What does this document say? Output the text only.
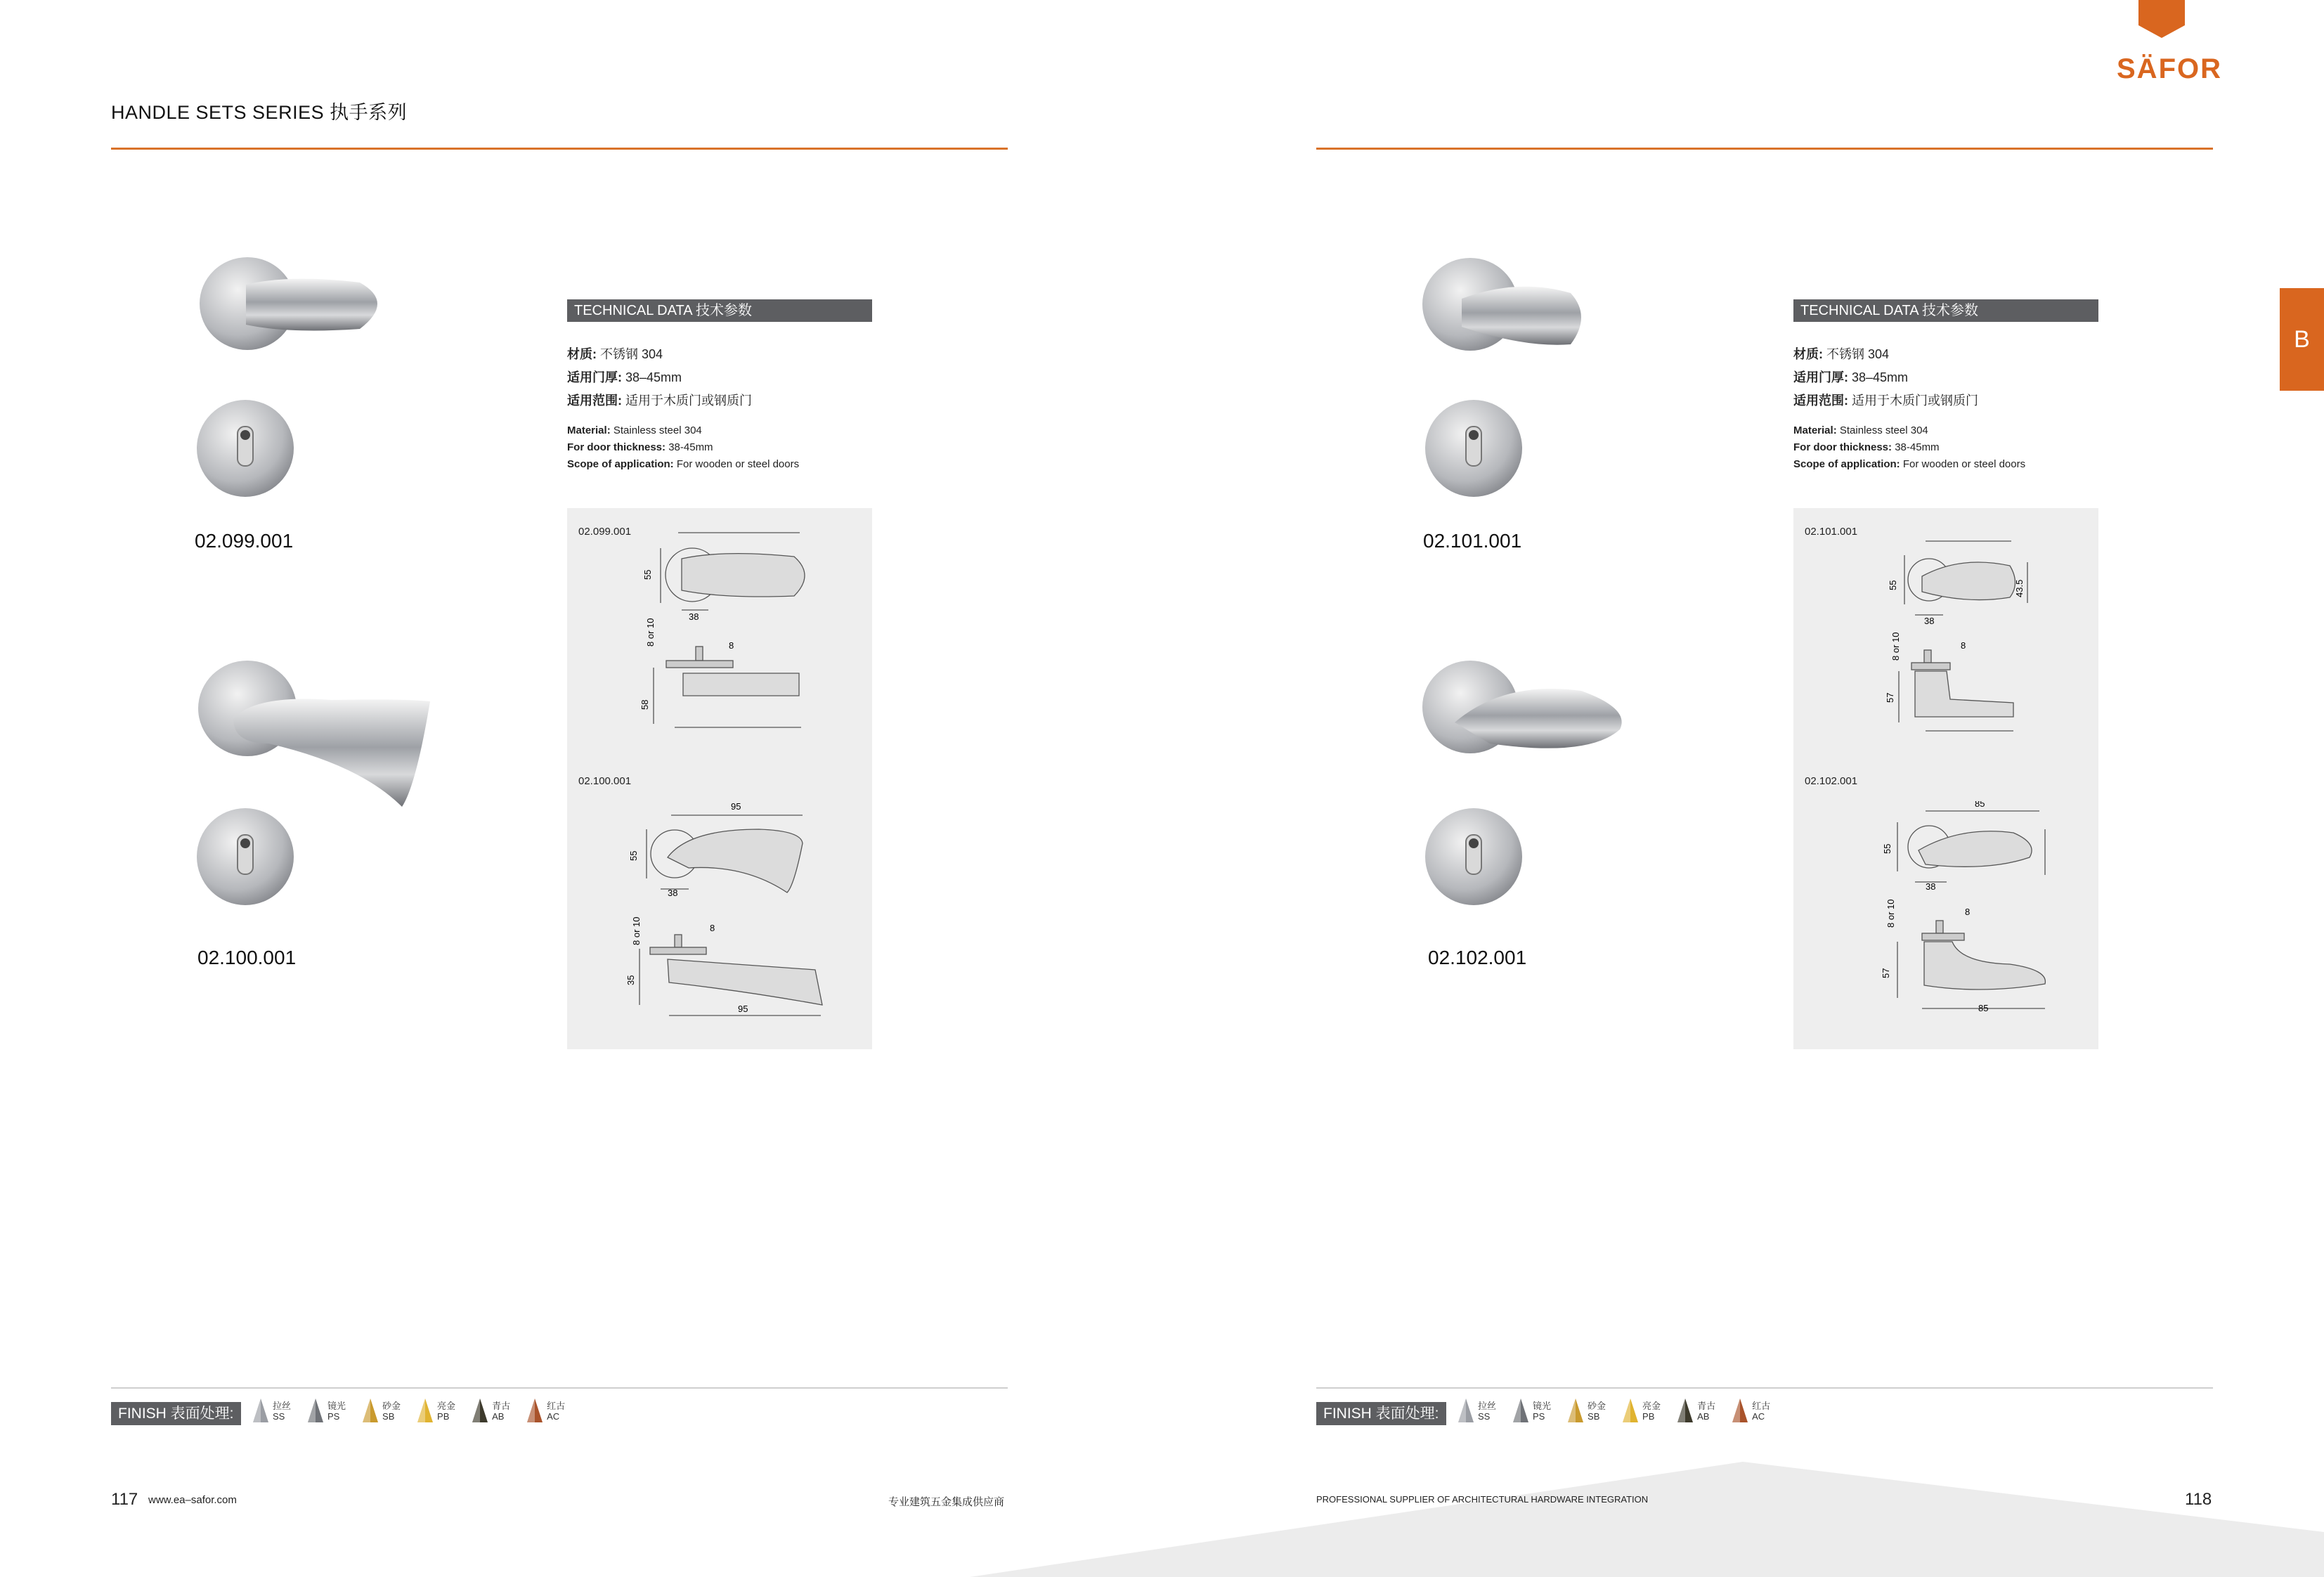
HANDLE SETS SERIES 执手系列
SÄFOR
B
02.099.001
02.100.001
TECHNICAL DATA 技术参数
材质: 不锈钢 304
适用门厚: 38–45mm
适用范围: 适用于木质门或钢质门
Material: Stainless steel 304
For door thickness: 38-45mm
Scope of application: For wooden or steel doors
02.099.001
55
38
8 or 10	8
58
02.100.001
95
55
38
8 or 10	8
35
95
02.101.001
02.102.001
TECHNICAL DATA 技术参数
材质: 不锈钢 304
适用门厚: 38–45mm
适用范围: 适用于木质门或钢质门
Material: Stainless steel 304
For door thickness: 38-45mm
Scope of application: For wooden or steel doors
02.101.001
55	43.5
38
8 or 10	8
57
02.102.001
85
55
38
8 or 10	8
57
85
FINISH 表面处理:	拉丝
SS
镜光
PS
砂金
SB
亮金
PB
青古
AB
红古
AC	FINISH 表面处理:	拉丝
SS
镜光
PS
砂金
SB
亮金
PB
青古
AB
红古
AC
117 www.ea–safor.com	专业建筑五金集成供应商	PROFESSIONAL SUPPLIER OF ARCHITECTURAL HARDWARE INTEGRATION	118
